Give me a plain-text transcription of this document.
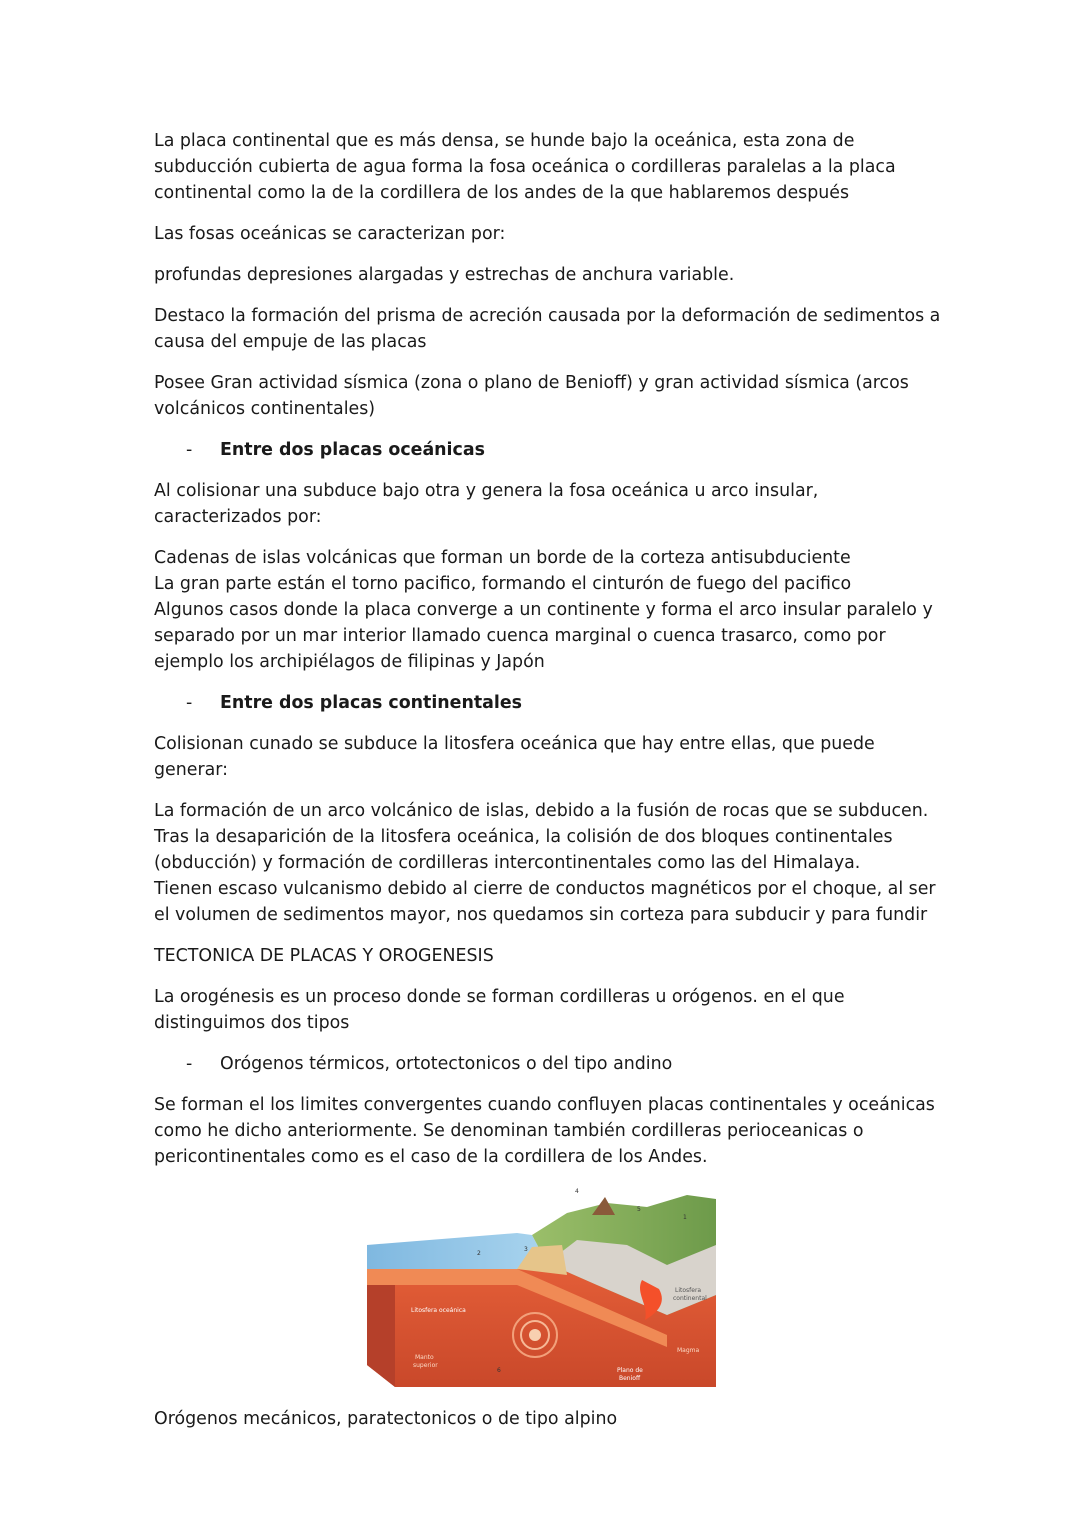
La placa continental que es más densa, se hunde bajo la oceánica, esta zona de subducción cubierta de agua forma la fosa oceánica o cordilleras paralelas a la placa continental como la de la cordillera de los andes de la que hablaremos después

Las fosas oceánicas se caracterizan por:

profundas depresiones alargadas y estrechas de anchura variable.

Destaco la formación del prisma de acreción causada por la deformación de sedimentos a causa del empuje de las placas

Posee Gran actividad sísmica (zona o plano de Benioff) y gran actividad sísmica (arcos volcánicos continentales)

-	Entre dos placas oceánicas

Al colisionar una subduce bajo otra y genera la fosa oceánica u arco insular, caracterizados por:

Cadenas de islas volcánicas que forman un borde de la corteza antisubduciente
La gran parte están el torno pacifico, formando el cinturón de fuego del pacifico
Algunos casos donde la placa converge a un continente y forma el arco insular paralelo y separado por un mar interior llamado cuenca marginal o cuenca trasarco, como por ejemplo los archipiélagos de filipinas y Japón

-	Entre dos placas continentales

Colisionan cunado se subduce la litosfera oceánica que hay entre ellas, que puede generar:

La formación de un arco volcánico de islas, debido a la fusión de rocas que se subducen.
Tras la desaparición de la litosfera oceánica, la colisión de dos bloques continentales (obducción) y formación de cordilleras intercontinentales como las del Himalaya.
Tienen escaso vulcanismo debido al cierre de conductos magnéticos por el choque, al ser el volumen de sedimentos mayor, nos quedamos sin corteza para subducir y para fundir

TECTONICA DE PLACAS Y OROGENESIS

La orogénesis es un proceso donde se forman cordilleras u orógenos. en el que distinguimos dos tipos

-	Orógenos térmicos, ortotectonicos o del tipo andino

Se forman el los limites convergentes cuando confluyen placas continentales y oceánicas como he dicho anteriormente. Se denominan también cordilleras perioceanicas o pericontinentales como es el caso de la cordillera de los Andes.

Litosfera oceánica
Manto
superior
Litosfera
continental
Magma
Plano de
Benioff
1
2
3
4
5
6

Orógenos mecánicos, paratectonicos o de tipo alpino
